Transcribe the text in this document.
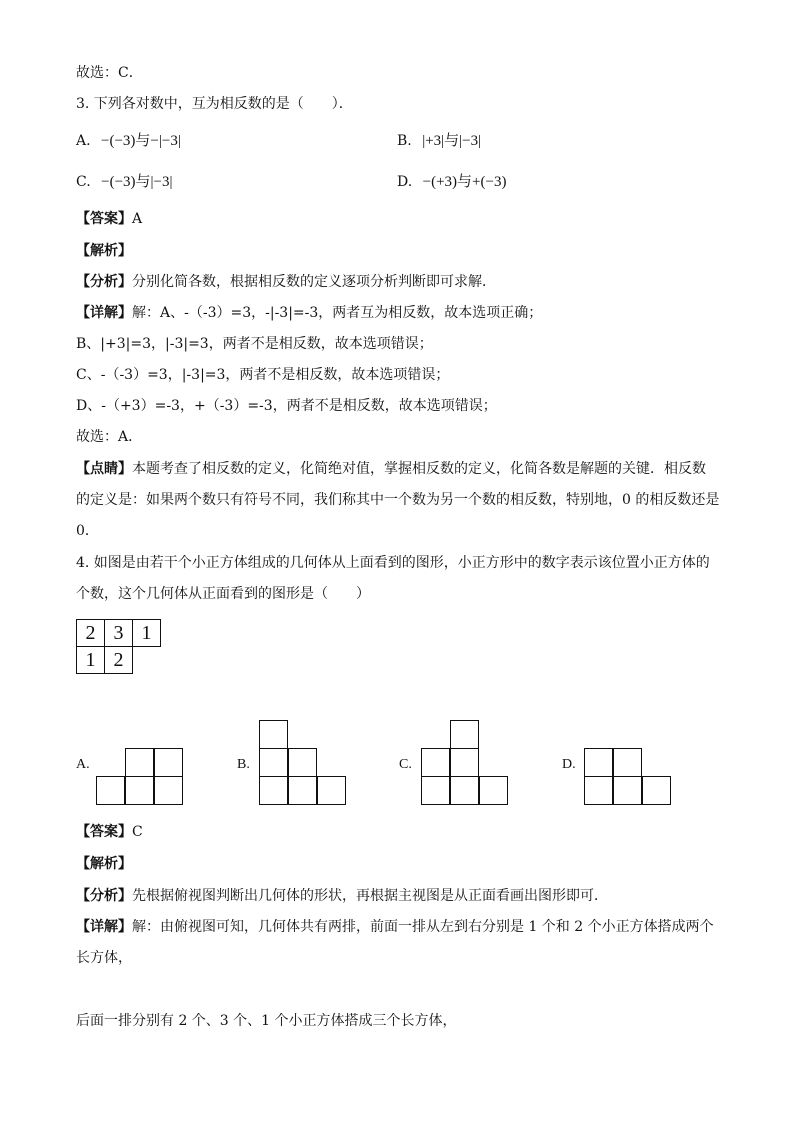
故选：C．
3. 下列各对数中，互为相反数的是（　　）．
A. −(−3)与−|−3|	B. |+3|与|−3|
C. −(−3)与|−3|	D. −(+3)与+(−3)
【答案】A
【解析】
【分析】分别化简各数，根据相反数的定义逐项分析判断即可求解．
【详解】解：A、-（-3）=3，-|-3|=-3，两者互为相反数，故本选项正确；
B、|+3|=3，|-3|=3，两者不是相反数，故本选项错误；
C、-（-3）=3，|-3|=3，两者不是相反数，故本选项错误；
D、-（+3）=-3，+（-3）=-3，两者不是相反数，故本选项错误；
故选：A．
【点睛】本题考查了相反数的定义，化简绝对值，掌握相反数的定义，化简各数是解题的关键．相反数
的定义是：如果两个数只有符号不同，我们称其中一个数为另一个数的相反数，特别地，0 的相反数还是
0．
4. 如图是由若干个小正方体组成的几何体从上面看到的图形，小正方形中的数字表示该位置小正方体的
个数，这个几何体从正面看到的图形是（　　）
2 3 1
1 2
A.	B.	C.	D.
【答案】C
【解析】
【分析】先根据俯视图判断出几何体的形状，再根据主视图是从正面看画出图形即可．
【详解】解：由俯视图可知，几何体共有两排，前面一排从左到右分别是 1 个和 2 个小正方体搭成两个
长方体，
后面一排分别有 2 个、3 个、1 个小正方体搭成三个长方体，
